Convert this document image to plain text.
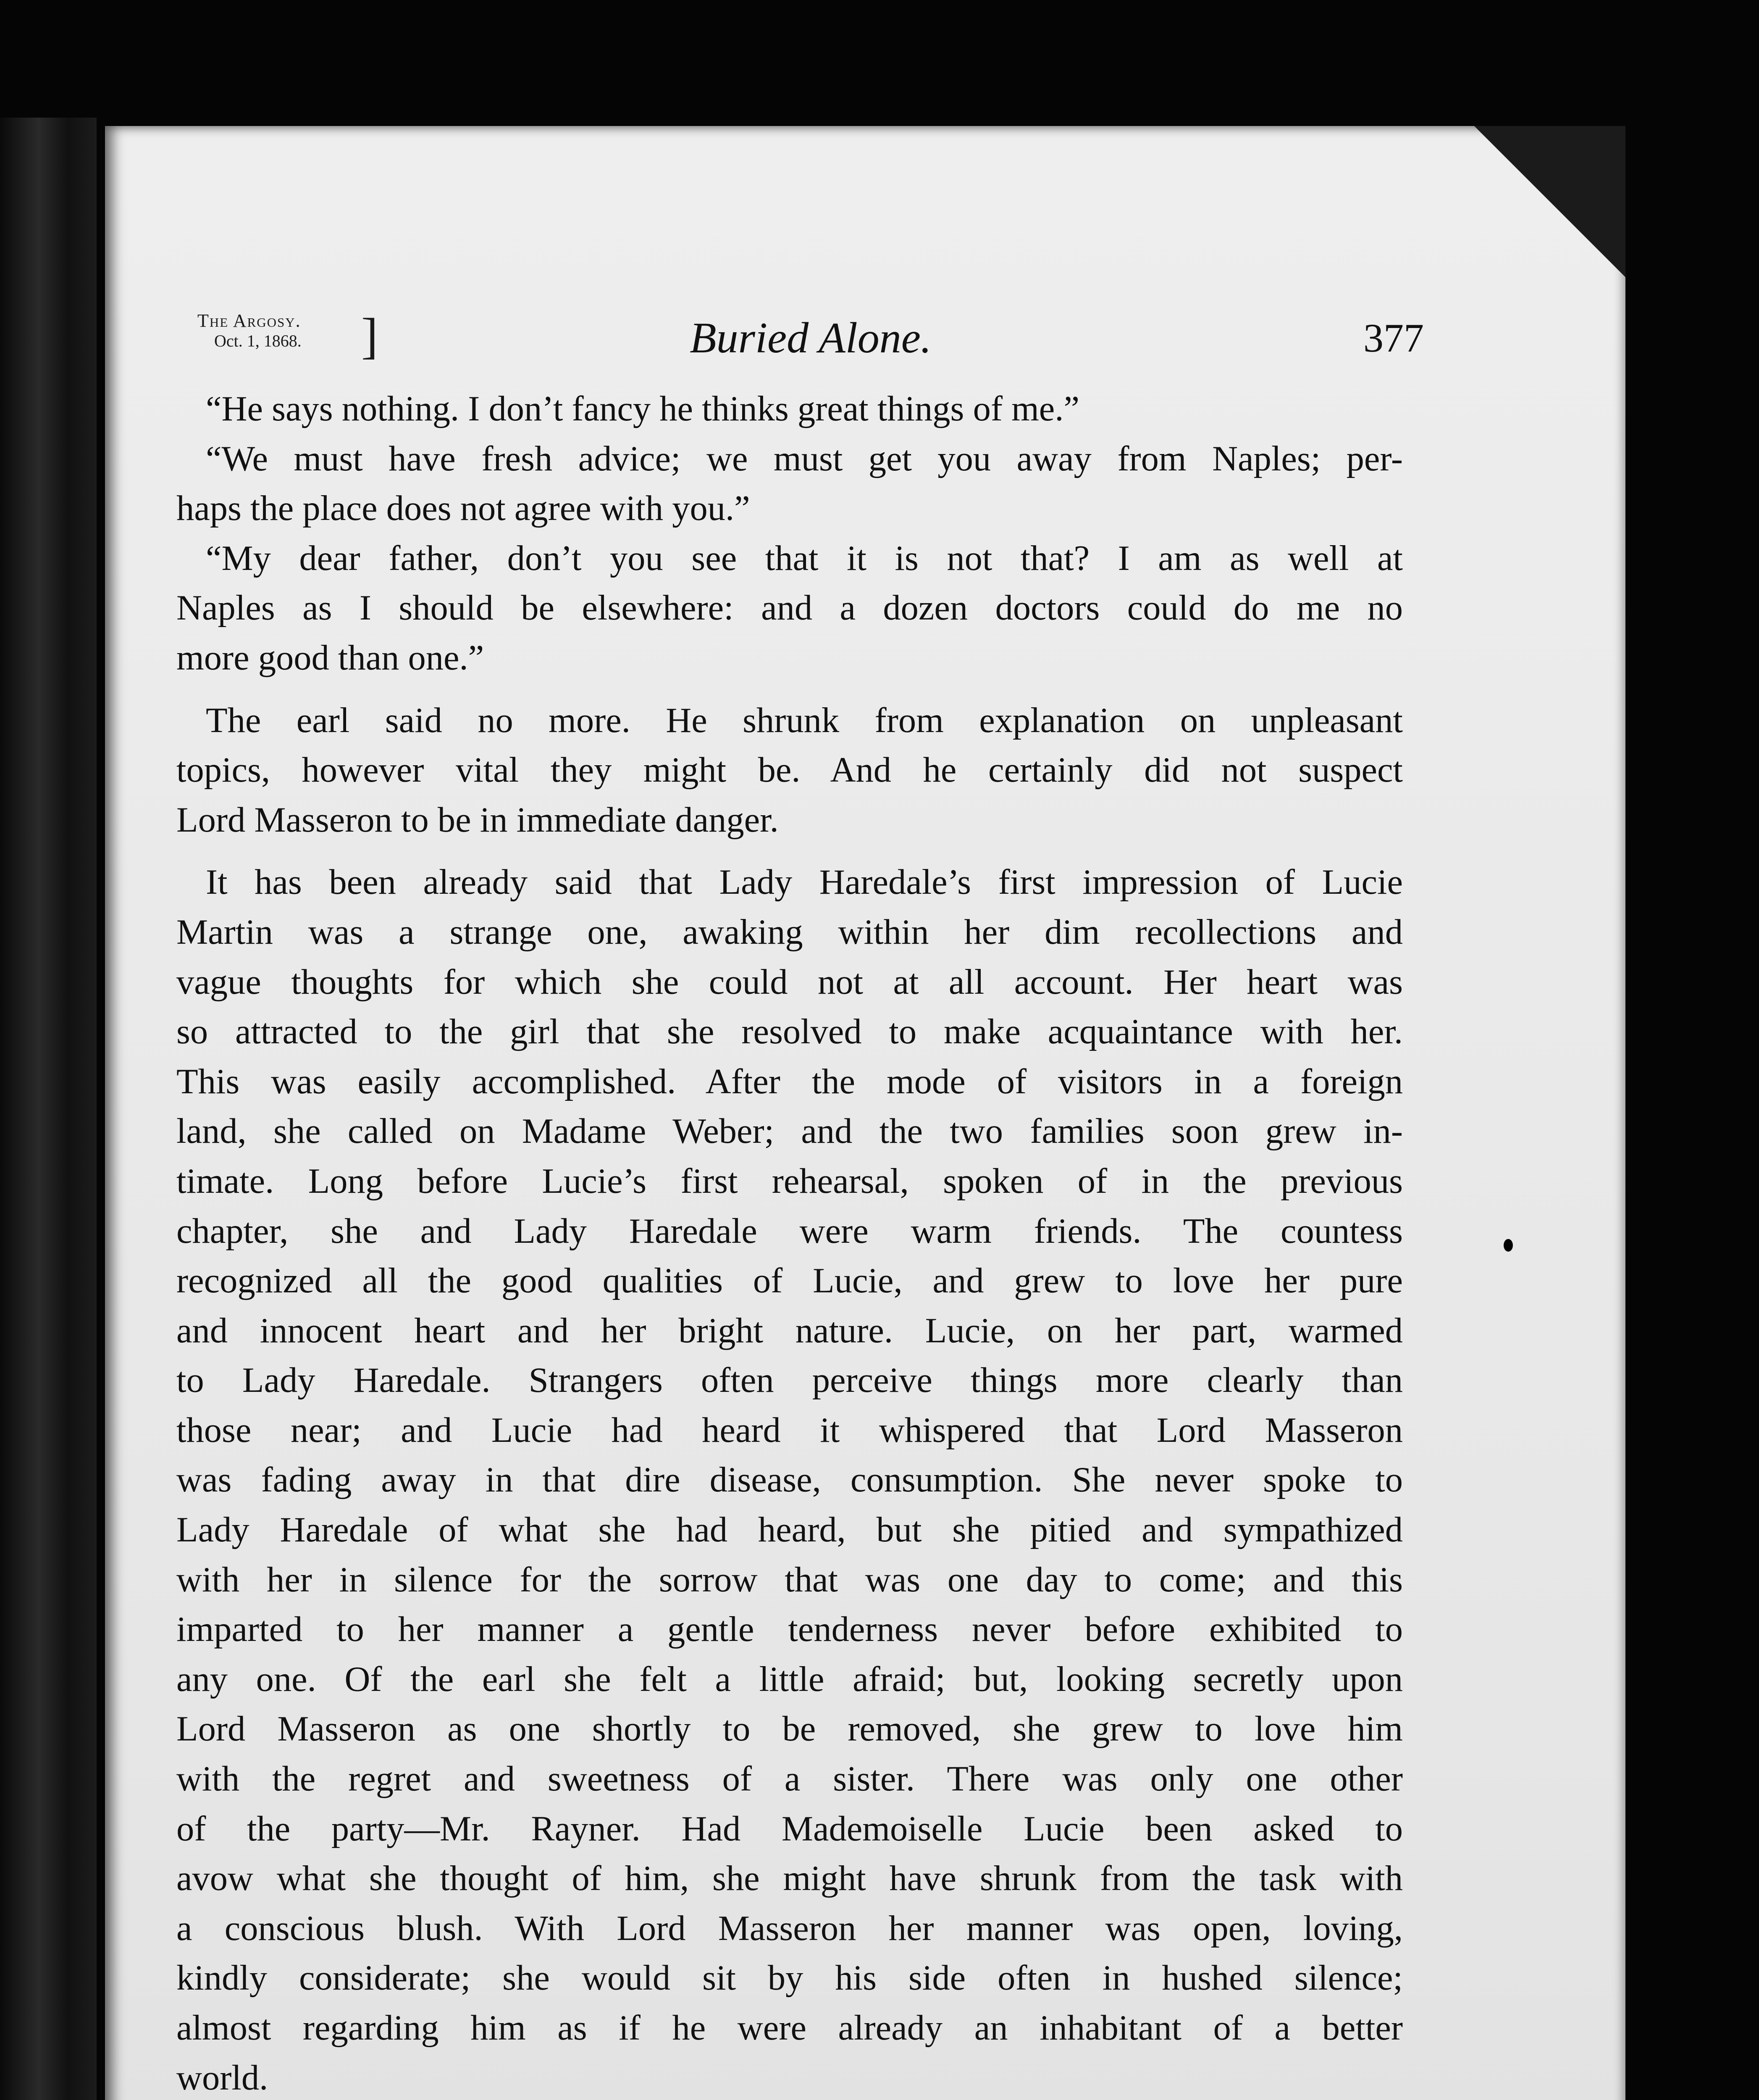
The Argosy.
Oct. 1, 1868.	]	Buried Alone.	377

“He says nothing. I don’t fancy he thinks great things of me.”

“We must have fresh advice; we must get you away from Naples; per-

haps the place does not agree with you.”

“My dear father, don’t you see that it is not that? I am as well at

Naples as I should be elsewhere: and a dozen doctors could do me no

more good than one.”

The earl said no more. He shrunk from explanation on unpleasant

topics, however vital they might be. And he certainly did not suspect

Lord Masseron to be in immediate danger.

It has been already said that Lady Haredale’s first impression of Lucie

Martin was a strange one, awaking within her dim recollections and

vague thoughts for which she could not at all account. Her heart was

so attracted to the girl that she resolved to make acquaintance with her.

This was easily accomplished. After the mode of visitors in a foreign

land, she called on Madame Weber; and the two families soon grew in-

timate. Long before Lucie’s first rehearsal, spoken of in the previous

chapter, she and Lady Haredale were warm friends. The countess

recognized all the good qualities of Lucie, and grew to love her pure

and innocent heart and her bright nature. Lucie, on her part, warmed

to Lady Haredale. Strangers often perceive things more clearly than

those near; and Lucie had heard it whispered that Lord Masseron

was fading away in that dire disease, consumption. She never spoke to

Lady Haredale of what she had heard, but she pitied and sympathized

with her in silence for the sorrow that was one day to come; and this

imparted to her manner a gentle tenderness never before exhibited to

any one. Of the earl she felt a little afraid; but, looking secretly upon

Lord Masseron as one shortly to be removed, she grew to love him

with the regret and sweetness of a sister. There was only one other

of the party—Mr. Rayner. Had Mademoiselle Lucie been asked to

avow what she thought of him, she might have shrunk from the task with

a conscious blush. With Lord Masseron her manner was open, loving,

kindly considerate; she would sit by his side often in hushed silence;

almost regarding him as if he were already an inhabitant of a better

world.
